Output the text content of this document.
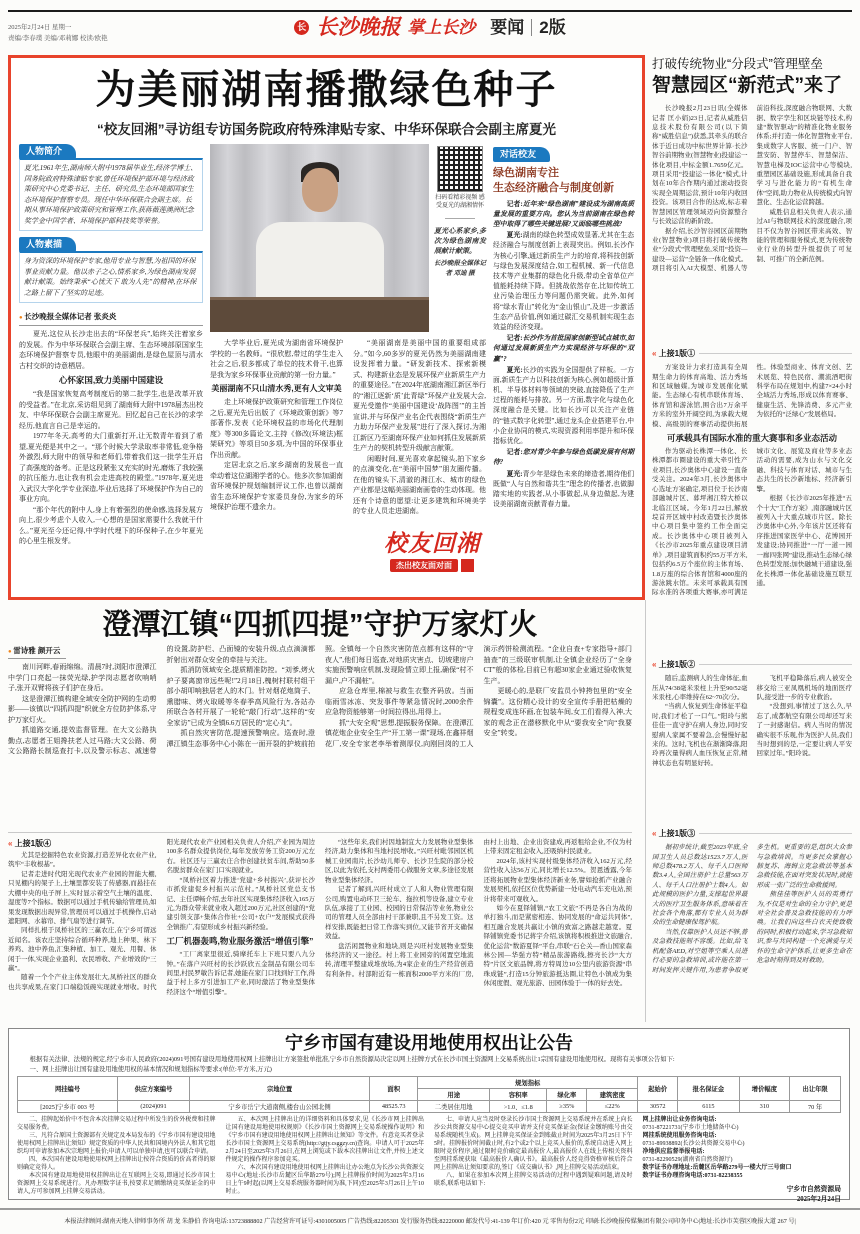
2025年2月24日 星期一
责编/李春璞 美编/邓莉娜 校读/欧艳
长 长沙晚报 掌上长沙 要闻 2版
为美丽湖南播撒绿色种子
“校友回湘”寻访组专访国务院政府特殊津贴专家、中华环保联合会副主席夏光
人物简介
夏光,1961年生,湖南师大附中1978届毕业生,经济学博士、国务院政府特殊津贴专家,曾任环境保护部环境与经济政策研究中心党委书记、主任、研究员,生态环境部国家生态环境保护督察专员。现任中华环保联合会副主席。长期从事环境保护政策研究和管理工作,获蒋薇莲澳洲纪念奖学金中国学者、环境保护部科技奖等荣誉。
人物素描
身为资深的环境保护专家,他用专业与智慧,为祖国的环保事业贡献力量。他以赤子之心,情系家乡,为绿色湖南发展献计献策。始终秉承“心忧天下 敢为人先”的精神,在环保之路上留下了坚实的足迹。
● 长沙晚报全媒体记者 张炎炎

夏光,这位从长沙走出去的“环保老兵”,始终关注着家乡的发展。作为中华环保联合会副主席、生态环境部原国家生态环境保护督察专员,他眼中的美丽湖南,是绿色屋顶与清水古村交织的诗意栖居。

心怀家国,致力美丽中国建设

“我是国家恢复高考制度后的第二批学生,也是改革开放的受益者。”在北京,采访组见到了湖南师大附中1978届杰出校友、中华环保联合会副主席夏光。回忆起自己在长沙的求学经历,他直言自己是幸运的。

1977年冬天,高考的大门重新打开,让无数青年看到了希望,夏光便是其中之一。“那个时候大学录取率非常低,竞争格外激烈,师大附中的领导和老师们,带着我们这一批学生开启了高强度的备考。正是这段紧张又充实的时光,磨炼了我较强的抗压能力,也让我有机会走进高校的殿堂。”1978年,夏光进入武汉大学化学专业深造,毕业后选择了环境保护作为自己的事业方向。

“那个年代的附中人,身上有着强烈的使命感,选择发展方向上,很少考虑个人收入,一心想的是国家需要什么我就干什么。”夏光至今还记得,中学时代埋下的环保种子,在少年夏光的心里生根发芽。

扫码看精彩视频 感受夏光的湖湘情怀
夏光心系家乡,多次为绿色湖南发展献计献策。
长沙晚报全媒体记者 邓迪 摄

大学毕业后,夏光成为湖南省环境保护学校的一名教师。“很欣慰,带过的学生走入社会之后,很多都成了单位的技术骨干,也算是我为家乡环保事业贡献的第一份力量。”

美丽湖南不只山清水秀,更有人文审美

走上环境保护政策研究和管理工作岗位之后,夏光先后出版了《环境政策创新》等7部著作,发表《论环境权益的市场化代理制度》等300多篇论文,主持《修改(环境法)框架研究》等项目50多项,为中国的环保事业作出贡献。

定居北京之后,家乡湖南的发展也一直牵动着这位湖湘学者的心。他多次参加湖南省环境保护规划编制评议工作,也曾以湖南省生态环境保护专家委员身份,为家乡的环境保护治理不遗余力。

“美丽湖南是美丽中国的重要组成部分。”如今,60多岁的夏光仍然为美丽湖南建设发挥着力量。“研发新技术、探索新模式、构建新业态是发展环保产业新质生产力的重要途径。”在2024年底湖南湘江新区举行的“湘江逐新‘质’此青绿”环保产业发展大会,夏光受邀作“美丽中国建设‘战阵图’”的主旨宣讲,并与环保产业名企代表围绕“新质生产力助力环保产业发展”进行了深入探讨,为湘江新区乃至湖南环保产业如何抓住发展新质生产力的契机转型升级献言献策。

闲暇时间,夏光喜欢拿起镜头,拍下家乡的点滴变化,在“美丽中国梦”朋友圈传播。在他的镜头下,清澈的湘江水、城市的绿色产业都是这幅美丽湖南画卷的生动体现。他还有个诗意的愿望:让更多建筑和环境美学的专业人员走进湖南。

校友回湘
杰出校友面对面
对话校友
绿色湖南专注
生态经济融合与制度创新

记者:近年来“绿色湖南”建设成为湖南高质量发展的重要方向。您认为当前湖南在绿色转型中取得了哪些关键进展?又面临哪些挑战?

夏光:湖南的绿色转型成效显著,尤其在生态经济融合与制度创新上表现突出。例如,长沙作为核心引擎,通过新质生产力的培育,将科技创新与绿色发展深度结合,如工程机械、新一代信息技术等产业集群的绿色化升级,带动全省单位产值能耗持续下降。但挑战依然存在,比如传统工业污染治理压力等问题仍需突破。此外,如何将“绿水青山”转化为“金山银山”,及进一步激活生态产品价值,例如通过碳汇交易机制实现生态效益的经济变现。

记者:长沙作为首批国家创新型试点城市,如何通过发展新质生产力实现经济与环保的“双赢”?

夏光:长沙的实践为全国提供了样板。一方面,新质生产力以科技创新为核心,例如超级计算机、半导体材料等领域的突破,直接降低了生产过程的能耗与排放。另一方面,数字化与绿色化深度融合是关键。比如长沙可以关注产业链的“链式数字化转型”,通过龙头企业搭建平台,中小企业协同的模式,实现资源利用率提升和环保指标优化。

记者:您对青少年参与绿色低碳发展有何期待?

夏光:青少年是绿色未来的缔造者,期待他们既做“人与自然和谐共生”理念的传播者,也做脚踏实地的实践者,从小事做起,从身边做起,为建设美丽湖南贡献青春力量。

澄潭江镇“四抓四提”守护万家灯火
● 雷诗雅 颜开云

南川河畔,春雨绵绵。清晨7时,浏阳市澄潭江中学门口亮起一抹荧光绿,护学岗志愿者吹响哨子,张开双臂将孩子们护在身后。

这是澄潭江镇构建全域安全防护网的生动剪影——该镇以“四抓四提”织就全方位防护体系,守护万家灯火。

抓道路交通,提效监督管理。在大文公路执勤点,志愿者王姐搀扶老人过马路;大文公路、荷文公路路长制巡查打卡,以及警示标志、减速带的设置,防护栏、凸面镜的安装升级,点点滴滴都折射出对群众安全的牵挂与关注。

抓消防领域安全,提质精准防控。“刘爹,烤火炉子要离窗帘远些呢!”2月18日,槐树村联村组干部小胡叩响独居老人的木门。针对烟花炮筒子、熏腊味、烤火取暖等冬春季高风险行为,各站办所联合各村开展了一轮轮“敲门行动”,这样的“安全家访”已成为全镇6.6万居民的“定心丸”。

抓自然灾害防范,提速预警响应。巡查时,澄潭江镇生态事务中心小陈在一面开裂的护坡前拍照。全镇每一个自然灾害防范点都有这样的“守夜人”,他们每日巡查,对地质灾害点、切坡建房户实施预警响应机制,发现险情立即上报,确保“村不漏户,户不漏桩”。

应急仓库里,棉被与救生衣整齐码放。当面临雨雪冰冻、突发事件等紧急情况时,2000余件应急物资能够第一时间拉得出,用得上。

抓“大安全观”思想,提振服务保障。在澄潭江镇花炮企业安全生产“开工第一课”现场,在鑫祥烟花厂,安全专家老李举着测厚仪,向刚回岗的工人演示药饼检测流程。“企业自查+专家指导+部门抽查”的三级联审机制,让全镇企业经历了“全身CT”般的体检,目前已有超30家企业通过验收恢复生产。

更暖心的,是联厂安监员小钟挎包里的“安全锦囊”。这份精心设计的安全宣传手册把枯燥的规程变成连环画,在包装车间,女工们看得入神,大家的观念正在潜移默化中从“要我安全”向“我要安全”转变。

« 上接1版④

尤其是挖掘特色农业资源,打造差异化农业产业,筑牢“丰收根基”。

记者走进时代阳光现代农业产业园的智能大棚,只见棚内的架子上,土壤里都安装了传感器,而悬挂在大棚中央的电子屏上,实时显示着空气土壤的温度、湿度等7个指标。数据可以通过手机传输给管理员,如果发现数据出现异常,管理员可以通过手机操作,启动遮阳网、水幕帘、排气扇等进行调节。

同样扎根于凤桥社区的三赢农庄,在宁乡可谓远近闻名。该农庄坚持综合循环种养,地上种果、林下养鸡、池中养鱼,汇集种植、加工、观光、用餐、休闲于一体,实现企业盈利、农民增收、产业增效的“三赢”。

随着一个个产业主体发展壮大,凤桥社区的群众也共享成果,在家门口端稳饭碗实现就业增收。时代阳光现代农业产业园相关负责人介绍,产业园为周边100多名群众提供岗位,每年发放劳务工资200万元左右。社区还与三赢农庄合作创建扶贫车间,帮助50多名脱贫群众在家门口实现就业。

“凤桥社区着力推进‘党建+乡村振兴’,获评长沙市抓党建促乡村振兴示范村。”凤桥社区党总支书记、主任谭畅介绍,去年社区实现集体经济收入165万元,为群众带来就业收入超过200万元,社区创建的“党建引领支部+集体合作社+公司+农户”发展模式获得全镇推广,有望形成乡村振兴新经验。

工厂机器轰鸣,物业服务激活“增值引擎”

“工厂离家里很近,骑摩托车上下班只要八九分钟。”在落户兴旺村的长沙跃欣五金制品有限公司车间里,村民罗敏告诉记者,她能在家门口找到好工作,得益于村上多方引进加工产业,同时激活了物业型集体经济这个“增值引擎”。

“这些年来,我们村因地制宜大力发展物业型集体经济,助力集体和当地村民增收。”兴旺村毗邻园区机械工业园南片,长沙幼儿师专、长沙卫生院的部分校区,以此为依托,支村两委用心做服务文章,多途径发展物业型集体经济。

记者了解到,兴旺村成立了人和人物业管理有限公司,购置电动环卫三轮车、拖拉机等设备,建立专业队伍,承接了工业园、校园的日常保洁等业务,物业公司的管理人员全部由村干部兼职,且不另发工资。这样安排,既能把日常工作落实到位,又能节省开支确保效益。

盘活闲置物业和地块,则是兴旺村发展物业型集体经济的又一途径。村上将工业园旁的闲置空地流转,清理平整建成堆放场,为4家企业的生产经营创造有利条件。村部附近有一栋面积2000平方米的厂房,由村上出地、企业出资建成,再返租给企业,不仅为村上带来固定租金收入,还吸纳村民就业。

2024年,该村实现村级集体经济收入162万元,经营性收入达56万元,同比增长12.5%。贺恩透露,今年还将拓展物业型集体经济新业务,譬如抢抓产业融合发展契机,依托区位优势新建一处电动汽车充电站,预计将带来可观收入。

如今在夏铎铺镇,“农工文旅”不再是各自为战的单打独斗,而是紧密相连、协同发展的“命运共同体”,相互融合发展共赢让小镇的致富之路越走越宽。夏铎铺镇党委书记蒋宇介绍,该镇将积极推进文旅融合,优化运营“数游夏铎”平台,串联“石仑关—香山国家森林公园—华强方特”精品旅游路线,擦亮长沙“大方特”片区文旅品牌,将方特周边10公里内旅游资源“串珠成链”,打造15分钟旅游抵达圈,让特色小镇成为集休闲度假、观光旅游、田园体验于一体的好去处。

打破传统物业“分段式”管理壁垒
智慧园区“新范式”来了

长沙晚报2月23日讯(全媒体记者 匡小娟)23日,记者从威胜信息技术股份有限公司(以下简称“威胜信息”)获悉,其牵头的联合体于近日成功中标世界计算·长沙智谷前期物业(智慧物业)投建运一体化项目,中标金额1.7659亿元。项目采用“投建运一体化”模式,计划在10年合作期内通过滚动投资实现全周期运营,预计10年内收回投资。该项目合作的达成,标志着智慧园区管理领域迈向资源整合与长效运营的新阶段。

据介绍,长沙智谷园区前期物业(智慧物业)项目将打破传统物业“分段式”管理壁垒,采用“投资—建设—运营”全链条一体化模式。项目将引入AI大模型、机器人等前沿科技,深度融合物联网、大数据、数字孪生和区块链等技术,构建“数智驱动”的精准化物业服务体系;并打造一体化智慧物业平台,集成数字人客服、统一门户、智慧安防、智慧停车、智慧保洁、智慧电梯及IOC运营中心等模块,重塑园区基础设施,形成具备自我学习与进化能力的“有机生命体”空间,助力物业从传统模式向智慧化、生态化运营跨越。

威胜信息相关负责人表示,通过AI与物联网技术的深度融合,项目不仅为智谷园区带来高效、智能的管理和服务模式,更为传统物业行业的转型升级提供了可复制、可推广的全新范例。

« 上接1版①

方案设计力求打造具有全周期生命力的体育高地、活力秀场和区域触媒,为城市发展催化赋能。生态绿心有机串联体育场、体育馆和游泳馆,围合出7万余平方米的室外开阔空间,为承载大规模、高级别的赛事活动提供拓展性。体验型商业、体育文创、艺术展览、特色民宿、潮流酒吧街科学布局在规划中,构建7×24小时全域活力秀场,形成以体育赛事、健康生活、先锋消费、多元产业为依托的“泛绿心”发展格局。

可承载具有国际水准的重大赛事和多业态活动

作为驱动长株潭一体化、长株潭都市圈建设的重大牵引性产业项目,长沙奥体中心建设一直备受关注。2024年3月,长沙奥体中心选址方案确定,项目位于长沙南部融城片区、暮坪湘江特大桥以北临江区域。今年1月22日,解放垸首开区城中村改造暨长沙奥体中心项目集中签约工作全面完成。长沙奥体中心项目被列入《长沙市2025年重点建设项目清单》,项目建筑面积约55万平方米,包括约6.5万个座位的主体育场、1.8万座的综合体育馆和4000座的游泳跳水馆。未来可承载具有国际水准的各项重大赛事,亦可满足城市文化、展览及商业等多业态活动的需要,成为山水与文化交融、科技与体育对话、城市与生态共生的长沙新地标、经济新引擎。

根据《长沙市2025年推进“五个十大”工作方案》,南部融城片区被列入十大重点城市片区。除长沙奥体中心外,今年该片区还将有序推进国家医学中心、花博园开发建设;协同推进“一厅一道一园一廊四张网”建设,推动生态绿心绿色转型发展;加快融城干道建设,强化长株潭一体化基础设施互联互通。

« 上接1版②

随后,监测病人的生命体征,血压从74/38毫米汞柱上升至90/52毫米汞柱,心率维持在62~70次/分。

“当病人恢复到生命体征平稳时,我们才松了一口气。”阳玲与熊佳佳一直守护在病人身边,同时安慰病人家属不要着急,会慢慢好起来的。这时,飞机也在渐渐降落,阳玲再次量得病人血压恢复正常,精神状态也有明显好转。

飞机平稳降落后,病人被安全移交给三亚凤凰机场的地面医疗队,接受进一步的专业救治。

“没想到,事情过了这么久,早忘了,成都航空有限公司却还写来了一封感谢信。病人当时的情况确实很不乐观,作为医护人员,我们当时想到的是,一定要让病人平安回家过年。”阳玲说。

« 上接1版③

据初步统计,截至2023年底,全国卫生人员总数达1523.7万人,医师总数478.2万人、每千人口医师数3.4人,全国注册护士总量563万人、每千人口注册护士数4人。如此规模的医护力量,支撑起世界最大的医疗卫生服务体系,意味着在社会各个角落,都有专业人员为群众的生命健康保驾护航。

当然,仅靠医护人员还不够,普及急救技能刻不容缓。比如,给飞机配备AED,对空姐等空乘人员进行必要的急救培训,或许能在第一时间发挥关键作用,为患者争取更多生机。更重要的是,组织大众参与急救培训。当更多民众掌握心肺复苏、海姆立克急救法等基本急救技能,在面对突发状况时,就能形成一张广泛的生命救援网。

熊佳佳等医护人员的英勇行为,不仅是对生命的全力守护,更是对全社会普及急救技能的有力呼唤。让我们向这些白衣天使致敬的同时,积极行动起来,学习急救知识,参与共同构建一个充满爱与关怀的生命守护体系,让更多生命在危急时刻得到及时救助。

宁乡市国有建设用地使用权出让公告

根据有关法律、法规的规定,经宁乡市人民政府(2024)091号国有建设用地使用权网上挂牌出让方案签批单批准,宁乡市自然资源局决定以网上挂牌方式在长沙市国土资源网上交易系统出让1宗国有建设用地使用权。现将有关事项公告如下:

一、网上挂牌出让国有建设用地使用权的基本情况和规划指标等要求:(单位:平方米,万元)

网挂编号	供应方案编号	宗地位置	面积	规划指标				起始价	报名保证金	增价幅度	出让年限
				用途	容积率	绿化率	建筑密度				
[2025]宁乡市 003 号	(2024)091	宁乡市岳宁大道南侧,楼台山公园北侧	48525.73	二类居住用地	>1.0、≤1.8	≥35%	≤22%	30572	6115	310	70 年

二、挂牌起始价中不包含本次挂牌交易过程中所发生的价外税费和挂牌交易服务费。

三、凡符合原国土资源部有关规定及本局发布的《宁乡市国有建设用地使用权网上挂牌出让须知》规定资质的中华人民共和国境内外法人和其它组织均可申请参加本次宗地网上报价;申请人可以单独申请,也可以联合申请。

四、本次国有建设用地使用权网上挂牌出让按符合资质的价高者得的原则确定竞得人。

本次国有建设用地使用权挂牌出让在互联网上交易,即通过长沙市国土资源网上交易系统进行。凡办理数字证书,按要求足额缴纳竞买保证金的申请人,方可参加网上挂牌交易活动。

五、本次网上挂牌出让的详细资料和具体要求,见《长沙市网上挂牌出让国有建设用地使用权规则》《长沙市国土资源网上交易系统操作说明》和《宁乡市国有建设用地使用权网上挂牌出让须知》等文件。有意竞买者登录长沙市国土资源网上交易系统(http://gtjy.csggzy.cn)查询。申请人可于2025年2月24日至2025年3月26日,在网上浏览或下载本次挂牌出让文件,并按上述文件规定的操作程序参加竞买。

六、本次国有建设用地使用权网上挂牌出让办公地点为长沙公共资源交易中心(地址:长沙市岳麓区岳华路279号);网上挂牌报价时间为2025年3月16日上午9时起(以网上交易系统服务器时间为准,下同)至2025年3月26日上午10时止。

七、申请人应当及时登录长沙市国土资源网上交易系统并在系统上向长沙公共资源交易中心提交竞买申请并支付竞买保证金(保证金缴纳账号由交易系统随机生成)。网上挂牌竞买保证金到账截止时间为2025年3月25日下午5时。挂牌报价时间截止时,有2个或2个以上竞买人报价的,系统自动进入网上限时竞价程序,通过限时竞价确定最高报价人,最高报价人在线上传相关资料至网挂系统获取《最高报价人确认书》。最高报价人经竞得资格审核后符合网上挂牌出让须知要求的,签订《成交确认书》,网上挂牌交易活动结束。

八、如果在参加本次网上挂牌交易活动的过程中遇到疑难问题,请及时联系,联系电话如下:

网上挂牌出让业务咨询电话:
0731-87221731(宁乡市土地储备中心)
网挂系统使用服务咨询电话:
0731-89938892(长沙公共资源交易中心)
净地供应监督举报电话:
0731-82290529(湖南省自然资源厅)
数字证书办理地址:岳麓区岳华路279号一楼大厅三号窗口
数字证书办理咨询电话:0731-82238355
宁乡市自然资源局
2025年2月24日
本报法律顾问:湖南天地人律师事务所 胡 龙 朱静伯 咨询电话:13723888802 广告经营许可证号:4301005005 广告热线:82205301 发行服务热线:82220000 邮发代号:41-139 年订价:420 元 零售每份2元 印刷:长沙晚报传媒集团有限公司印务中心|地址:长沙市芙蓉区晚报大道 267 号|
